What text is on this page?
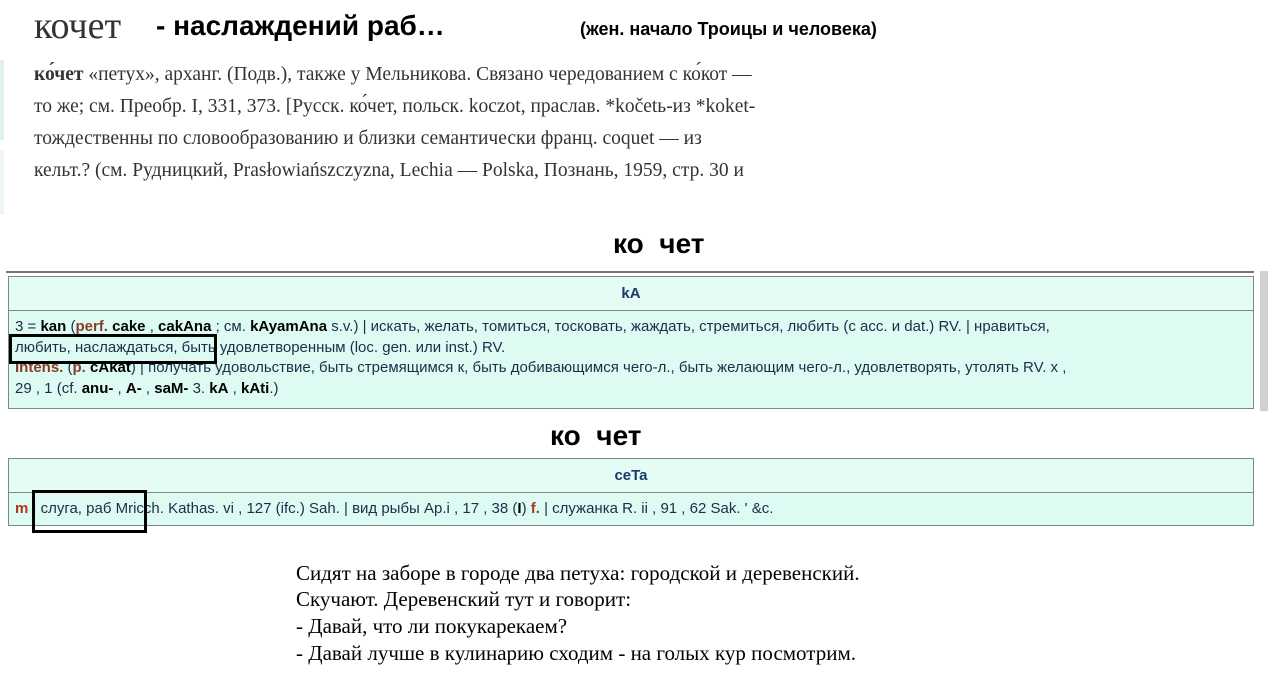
кочет - наслаждений раб…	(жен. начало Троицы и человека)
ко́чет «петух», арханг. (Подв.), также у Мельникова. Связано чередованием с ко́кот —
то же; см. Преобр. I, 331, 373. [Русск. ко́чет, польск. koczot, праслав. *kočetь-из *koket-
тождественны по словообразованию и близки семантически франц. coquet — из
кельт.? (см. Рудницкий, Prasłowiańszczyzna, Lechia — Polska, Познань, 1959, стр. 30 и
ко  чет
kA
3 = kan (perf. cake , cakAna ; см. kAyamAna s.v.) | искать, желать, томиться, тосковать, жаждать, стремиться, любить (с acc. и dat.) RV. | нравиться,
любить, наслаждаться, быть удовлетворенным (loc. gen. или inst.) RV.
Intens. (p. cAkat) | получать удовольствие, быть стремящимся к, быть добивающимся чего-л., быть желающим чего-л., удовлетворять, утолять RV. x ,
29 , 1 (cf. anu- , A- , saM- 3. kA , kAti.)
ко  чет
ceTa
m | слуга, раб Mricch. Kathas. vi , 127 (ifc.) Sah. | вид рыбы Ap.i , 17 , 38 (I) f. | служанка R. ii , 91 , 62 Sak. ' &c.
Сидят на заборе в городе два петуха: городской и деревенский.
Скучают. Деревенский тут и говорит:
- Давай, что ли покукарекаем?
- Давай лучше в кулинарию сходим - на голых кур посмотрим.
